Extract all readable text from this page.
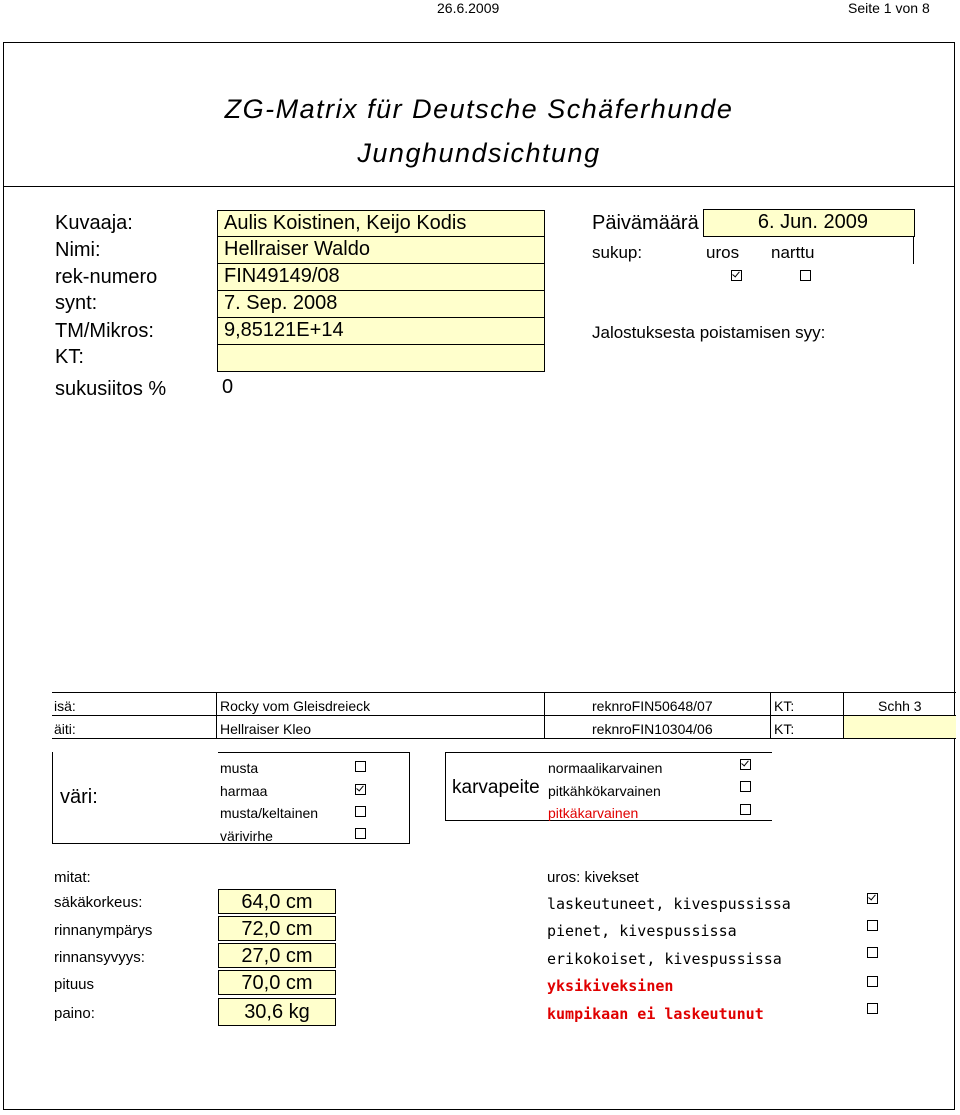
26.6.2009	Seite 1 von 8
ZG-Matrix für Deutsche Schäferhunde
Junghundsichtung
Kuvaaja:	Aulis Koistinen, Keijo Kodis
Nimi:	Hellraiser Waldo
rek-numero	FIN49149/08
synt:	7. Sep. 2008
TM/Mikros:	9,85121E+14
KT:
sukusiitos %	0
Päivämäärä	6. Jun. 2009
sukup:	uros narttu
Jalostuksesta poistamisen syy:
isä:	Rocky vom Gleisdreieck	reknroFIN50648/07	KT:	Schh 3
äiti:	Hellraiser Kleo	reknroFIN10304/06	KT:
väri:
musta
harmaa
musta/keltainen
värivirhe
karvapeite
normaalikarvainen
pitkähkökarvainen
pitkäkarvainen
mitat:
säkäkorkeus:	64,0 cm
rinnanympärys	72,0 cm
rinnansyvyys:	27,0 cm
pituus	70,0 cm
paino:	30,6 kg
uros: kivekset
laskeutuneet, kivespussissa
pienet, kivespussissa
erikokoiset, kivespussissa
yksikiveksinen
kumpikaan ei laskeutunut
